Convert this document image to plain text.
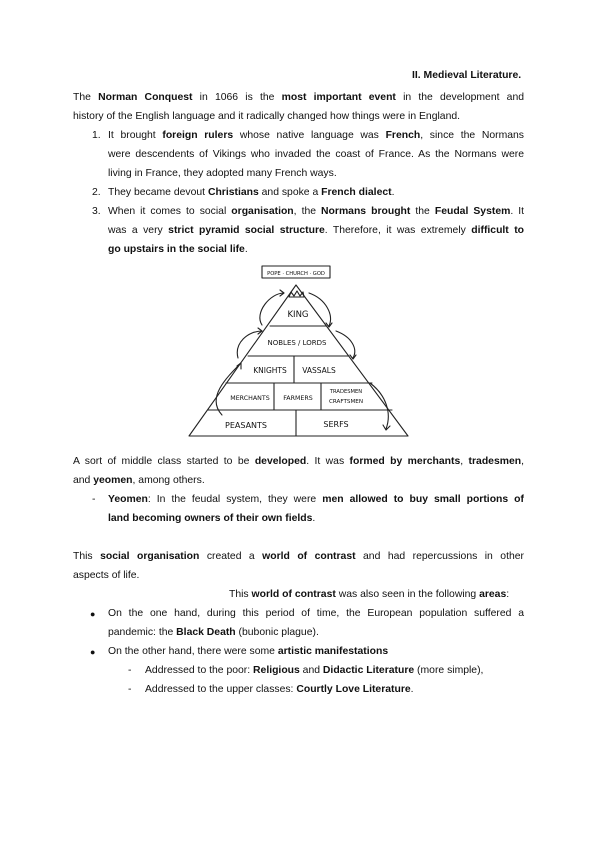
II. Medieval Literature.
The Norman Conquest in 1066 is the most important event in the development and
history of the English language and it radically changed how things were in England.
1. It brought foreign rulers whose native language was French, since the Normans
were descendents of Vikings who invaded the coast of France. As the Normans were
living in France, they adopted many French ways.
2. They became devout Christians and spoke a French dialect.
3. When it comes to social organisation, the Normans brought the Feudal System. It
was a very strict pyramid social structure. Therefore, it was extremely difficult to
go upstairs in the social life.
POPE · CHURCH · GOD
KING
NOBLES / LORDS
KNIGHTS VASSALS
MERCHANTS FARMERS
TRADESMEN
CRAFTSMEN
PEASANTS	SERFS
A sort of middle class started to be developed. It was formed by merchants, tradesmen,
and yeomen, among others.
- Yeomen: In the feudal system, they were men allowed to buy small portions of
land becoming owners of their own fields.
This social organisation created a world of contrast and had repercussions in other
aspects of life.
This world of contrast was also seen in the following areas:
● On the one hand, during this period of time, the European population suffered a
pandemic: the Black Death (bubonic plague).
● On the other hand, there were some artistic manifestations
- Addressed to the poor: Religious and Didactic Literature (more simple),
- Addressed to the upper classes: Courtly Love Literature.
